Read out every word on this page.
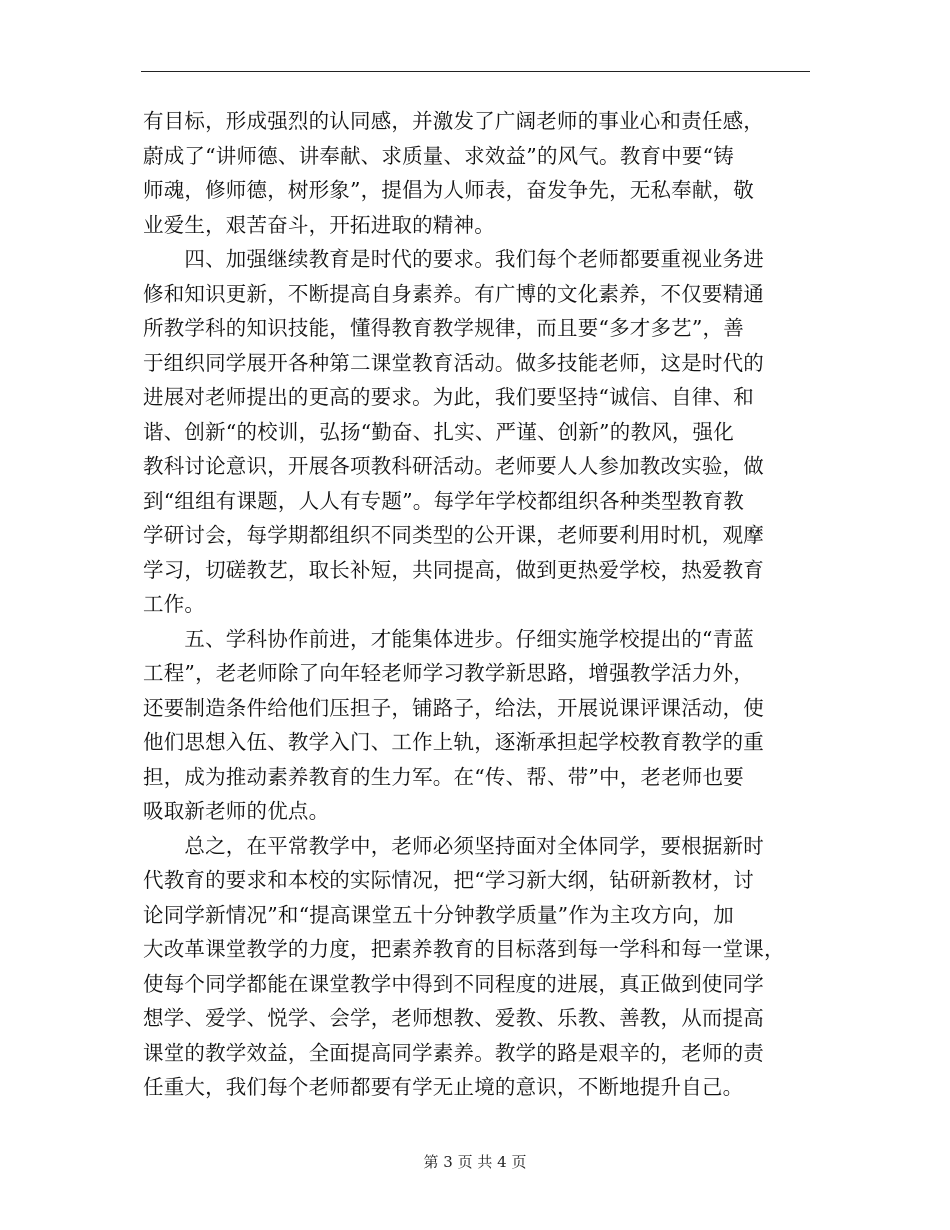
有目标，形成强烈的认同感，并激发了广阔老师的事业心和责任感，
蔚成了“讲师德、讲奉献、求质量、求效益”的风气。教育中要“铸
师魂，修师德，树形象”，提倡为人师表，奋发争先，无私奉献，敬
业爱生，艰苦奋斗，开拓进取的精神。
　　四、加强继续教育是时代的要求。我们每个老师都要重视业务进
修和知识更新，不断提高自身素养。有广博的文化素养，不仅要精通
所教学科的知识技能，懂得教育教学规律，而且要“多才多艺”，善
于组织同学展开各种第二课堂教育活动。做多技能老师，这是时代的
进展对老师提出的更高的要求。为此，我们要坚持“诚信、自律、和
谐、创新“的校训，弘扬“勤奋、扎实、严谨、创新”的教风，强化
教科讨论意识，开展各项教科研活动。老师要人人参加教改实验，做
到“组组有课题，人人有专题”。每学年学校都组织各种类型教育教
学研讨会，每学期都组织不同类型的公开课，老师要利用时机，观摩
学习，切磋教艺，取长补短，共同提高，做到更热爱学校，热爱教育
工作。
　　五、学科协作前进，才能集体进步。仔细实施学校提出的“青蓝
工程”，老老师除了向年轻老师学习教学新思路，增强教学活力外，
还要制造条件给他们压担子，铺路子，给法，开展说课评课活动，使
他们思想入伍、教学入门、工作上轨，逐渐承担起学校教育教学的重
担，成为推动素养教育的生力军。在“传、帮、带”中，老老师也要
吸取新老师的优点。
　　总之，在平常教学中，老师必须坚持面对全体同学，要根据新时
代教育的要求和本校的实际情况，把“学习新大纲，钻研新教材，讨
论同学新情况”和“提高课堂五十分钟教学质量”作为主攻方向，加
大改革课堂教学的力度，把素养教育的目标落到每一学科和每一堂课，
使每个同学都能在课堂教学中得到不同程度的进展，真正做到使同学
想学、爱学、悦学、会学，老师想教、爱教、乐教、善教，从而提高
课堂的教学效益，全面提高同学素养。教学的路是艰辛的，老师的责
任重大，我们每个老师都要有学无止境的意识，不断地提升自己。
第 3 页 共 4 页
